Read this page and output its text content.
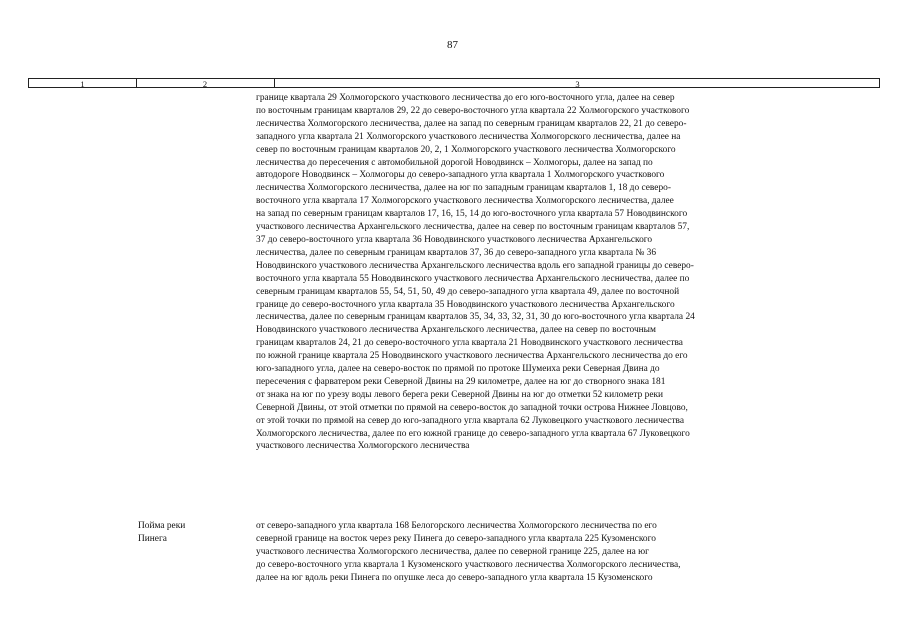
87
1	2	3

границе квартала 29 Холмогорского участкового лесничества до его юго-восточного угла, далее на север

по восточным границам кварталов 29, 22 до северо-восточного угла квартала 22 Холмогорского участкового

лесничества Холмогорского лесничества, далее на запад по северным границам кварталов 22, 21 до северо-

западного угла квартала 21 Холмогорского участкового лесничества Холмогорского лесничества, далее на

север по восточным границам кварталов 20, 2, 1 Холмогорского участкового лесничества Холмогорского

лесничества до пересечения с автомобильной дорогой Новодвинск – Холмогоры, далее на запад по

автодороге Новодвинск – Холмогоры до северо-западного угла квартала 1 Холмогорского участкового

лесничества Холмогорского лесничества, далее на юг по западным границам кварталов 1, 18 до северо-

восточного угла квартала 17 Холмогорского участкового лесничества Холмогорского лесничества, далее

на запад по северным границам кварталов 17, 16, 15, 14 до юго-восточного угла квартала 57 Новодвинского

участкового лесничества Архангельского лесничества, далее на север по восточным границам кварталов 57,

37 до северо-восточного угла квартала 36 Новодвинского участкового лесничества Архангельского

лесничества, далее по северным границам кварталов 37, 36 до северо-западного угла квартала № 36

Новодвинского участкового лесничества Архангельского лесничества вдоль его западной границы до северо-

восточного угла квартала 55 Новодвинского участкового лесничества Архангельского лесничества, далее по

северным границам кварталов 55, 54, 51, 50, 49 до северо-западного угла квартала 49, далее по восточной

границе до северо-восточного угла квартала 35 Новодвинского участкового лесничества Архангельского

лесничества, далее по северным границам кварталов 35, 34, 33, 32, 31, 30 до юго-восточного угла квартала 24

Новодвинского участкового лесничества Архангельского лесничества, далее на север по восточным

границам кварталов 24, 21 до северо-восточного угла квартала 21 Новодвинского участкового лесничества

по южной границе квартала 25 Новодвинского участкового лесничества Архангельского лесничества до его

юго-западного угла, далее на северо-восток по прямой по протоке Шумеиха реки Северная Двина до

пересечения с фарватером реки Северной Двины на 29 километре, далее на юг до створного знака 181

от знака на юг по урезу воды левого берега реки Северной Двины на юг до отметки 52 километр реки

Северной Двины, от этой отметки по прямой на северо-восток до западной точки острова Нижнее Ловцово,

от этой точки по прямой на север до юго-западного угла квартала 62 Луковецкого участкового лесничества

Холмогорского лесничества, далее по его южной границе до северо-западного угла квартала 67 Луковецкого

участкового лесничества Холмогорского лесничества

Пойма реки

Пинега

от северо-западного угла квартала 168 Белогорского лесничества Холмогорского лесничества по его

северной границе на восток через реку Пинега до северо-западного угла квартала 225 Кузоменского

участкового лесничества Холмогорского лесничества, далее по северной границе 225, далее на юг

до северо-восточного угла квартала 1 Кузоменского участкового лесничества Холмогорского лесничества,

далее на юг вдоль реки Пинега по опушке леса до северо-западного угла квартала 15 Кузоменского
